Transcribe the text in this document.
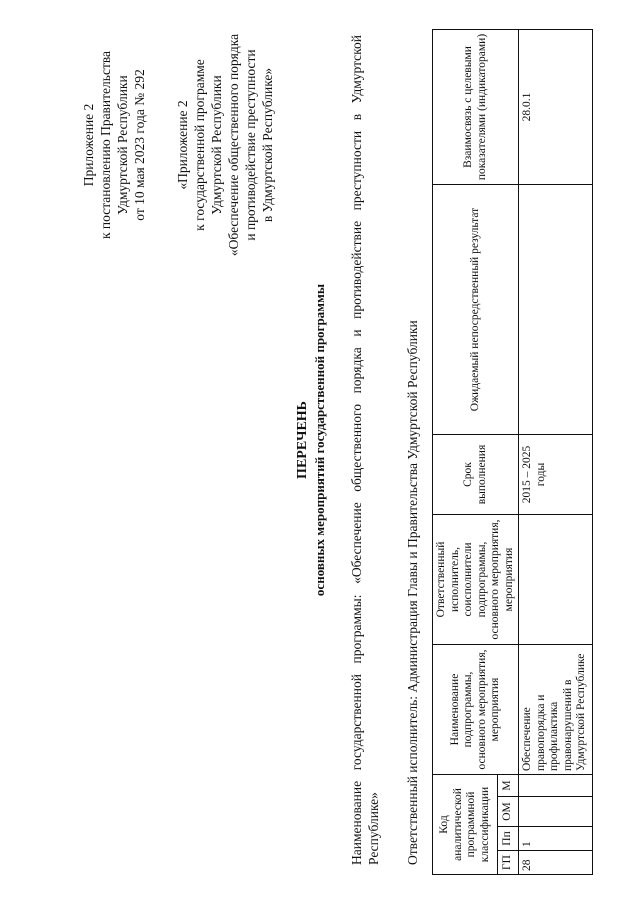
Приложение 2 к постановлению Правительства Удмуртской Республики от 10 мая 2023 года № 292 «Приложение 2 к государственной программе Удмуртской Республики «Обеспечение общественного порядка и противодействие преступности в Удмуртской Республике»
ПЕРЕЧЕНЬ основных мероприятий государственной программы Наименование государственной программы: «Обеспечение общественного порядка и противодействие преступности в Удмуртской Республике» Ответственный исполнитель: Администрация Главы и Правительства Удмуртской Республики Код аналитической программной классификации				Наименование подпрограммы, основного мероприятия, мероприятия	Ответственный исполнитель, соисполнители подпрограммы, основного мероприятия, мероприятия	Срок выполнения	Ожидаемый непосредственный результат	Взаимосвязь с целевыми показателями (индикаторами)
ГП	Пп	ОМ	М					
28	1			Обеспечение правопорядка и профилактика правонарушений в Удмуртской Республике		2015 – 2025 годы		28.0.1
